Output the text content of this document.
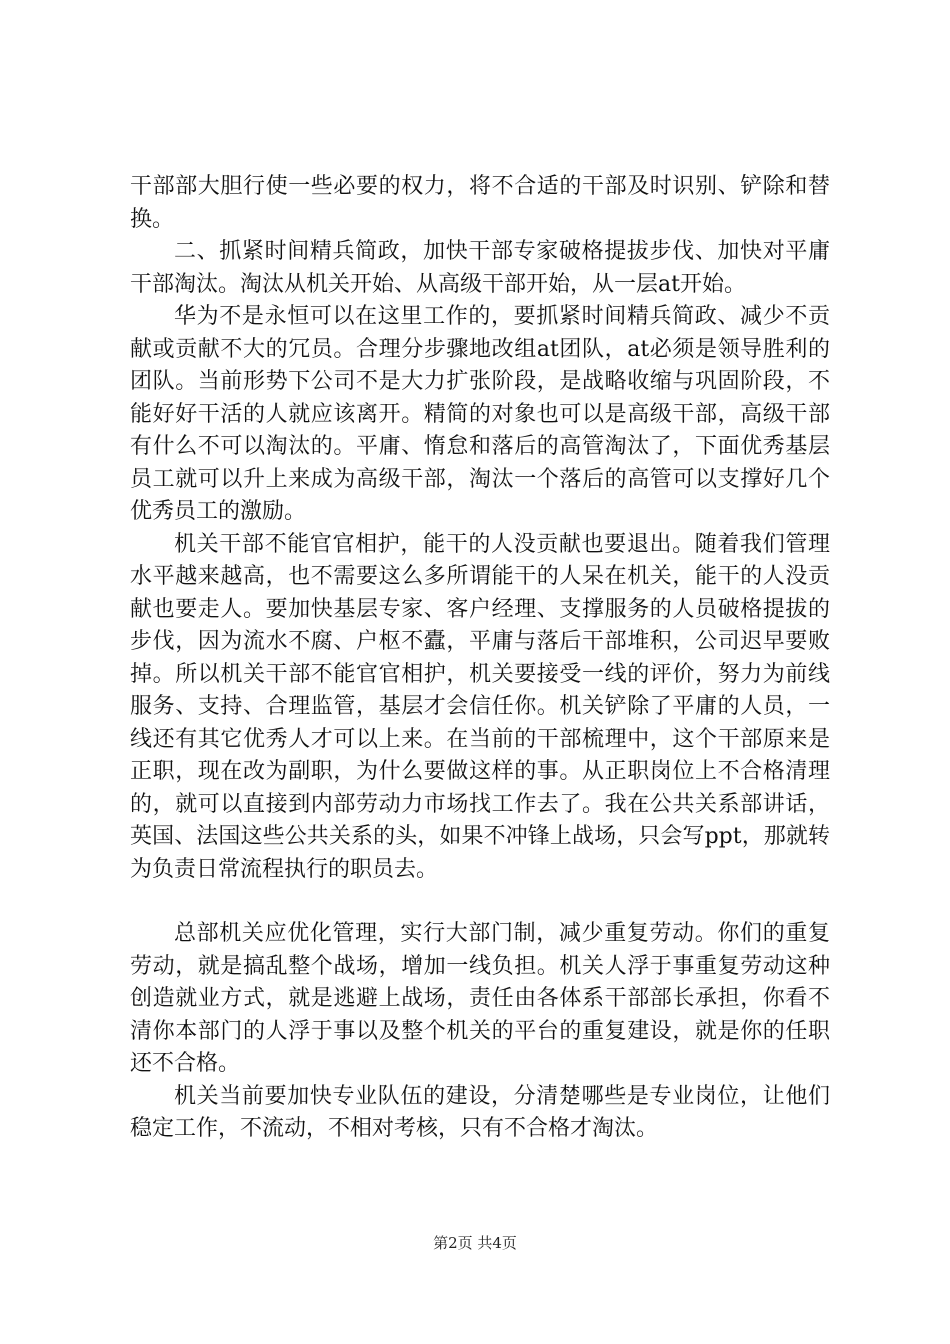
干部部大胆行使一些必要的权力，将不合适的干部及时识别、铲除和替换。

二、抓紧时间精兵简政，加快干部专家破格提拔步伐、加快对平庸干部淘汰。淘汰从机关开始、从高级干部开始，从一层at开始。

华为不是永恒可以在这里工作的，要抓紧时间精兵简政、减少不贡献或贡献不大的冗员。合理分步骤地改组at团队，at必须是领导胜利的团队。当前形势下公司不是大力扩张阶段，是战略收缩与巩固阶段，不能好好干活的人就应该离开。精简的对象也可以是高级干部，高级干部有什么不可以淘汰的。平庸、惰怠和落后的高管淘汰了，下面优秀基层员工就可以升上来成为高级干部，淘汰一个落后的高管可以支撑好几个优秀员工的激励。

机关干部不能官官相护，能干的人没贡献也要退出。随着我们管理水平越来越高，也不需要这么多所谓能干的人呆在机关，能干的人没贡献也要走人。要加快基层专家、客户经理、支撑服务的人员破格提拔的步伐，因为流水不腐、户枢不蠹，平庸与落后干部堆积，公司迟早要败掉。所以机关干部不能官官相护，机关要接受一线的评价，努力为前线服务、支持、合理监管，基层才会信任你。机关铲除了平庸的人员，一线还有其它优秀人才可以上来。在当前的干部梳理中，这个干部原来是正职，现在改为副职，为什么要做这样的事。从正职岗位上不合格清理的，就可以直接到内部劳动力市场找工作去了。我在公共关系部讲话，英国、法国这些公共关系的头，如果不冲锋上战场，只会写ppt，那就转为负责日常流程执行的职员去。

总部机关应优化管理，实行大部门制，减少重复劳动。你们的重复劳动，就是搞乱整个战场，增加一线负担。机关人浮于事重复劳动这种创造就业方式，就是逃避上战场，责任由各体系干部部长承担，你看不清你本部门的人浮于事以及整个机关的平台的重复建设，就是你的任职还不合格。

机关当前要加快专业队伍的建设，分清楚哪些是专业岗位，让他们稳定工作，不流动，不相对考核，只有不合格才淘汰。

第2页 共4页
